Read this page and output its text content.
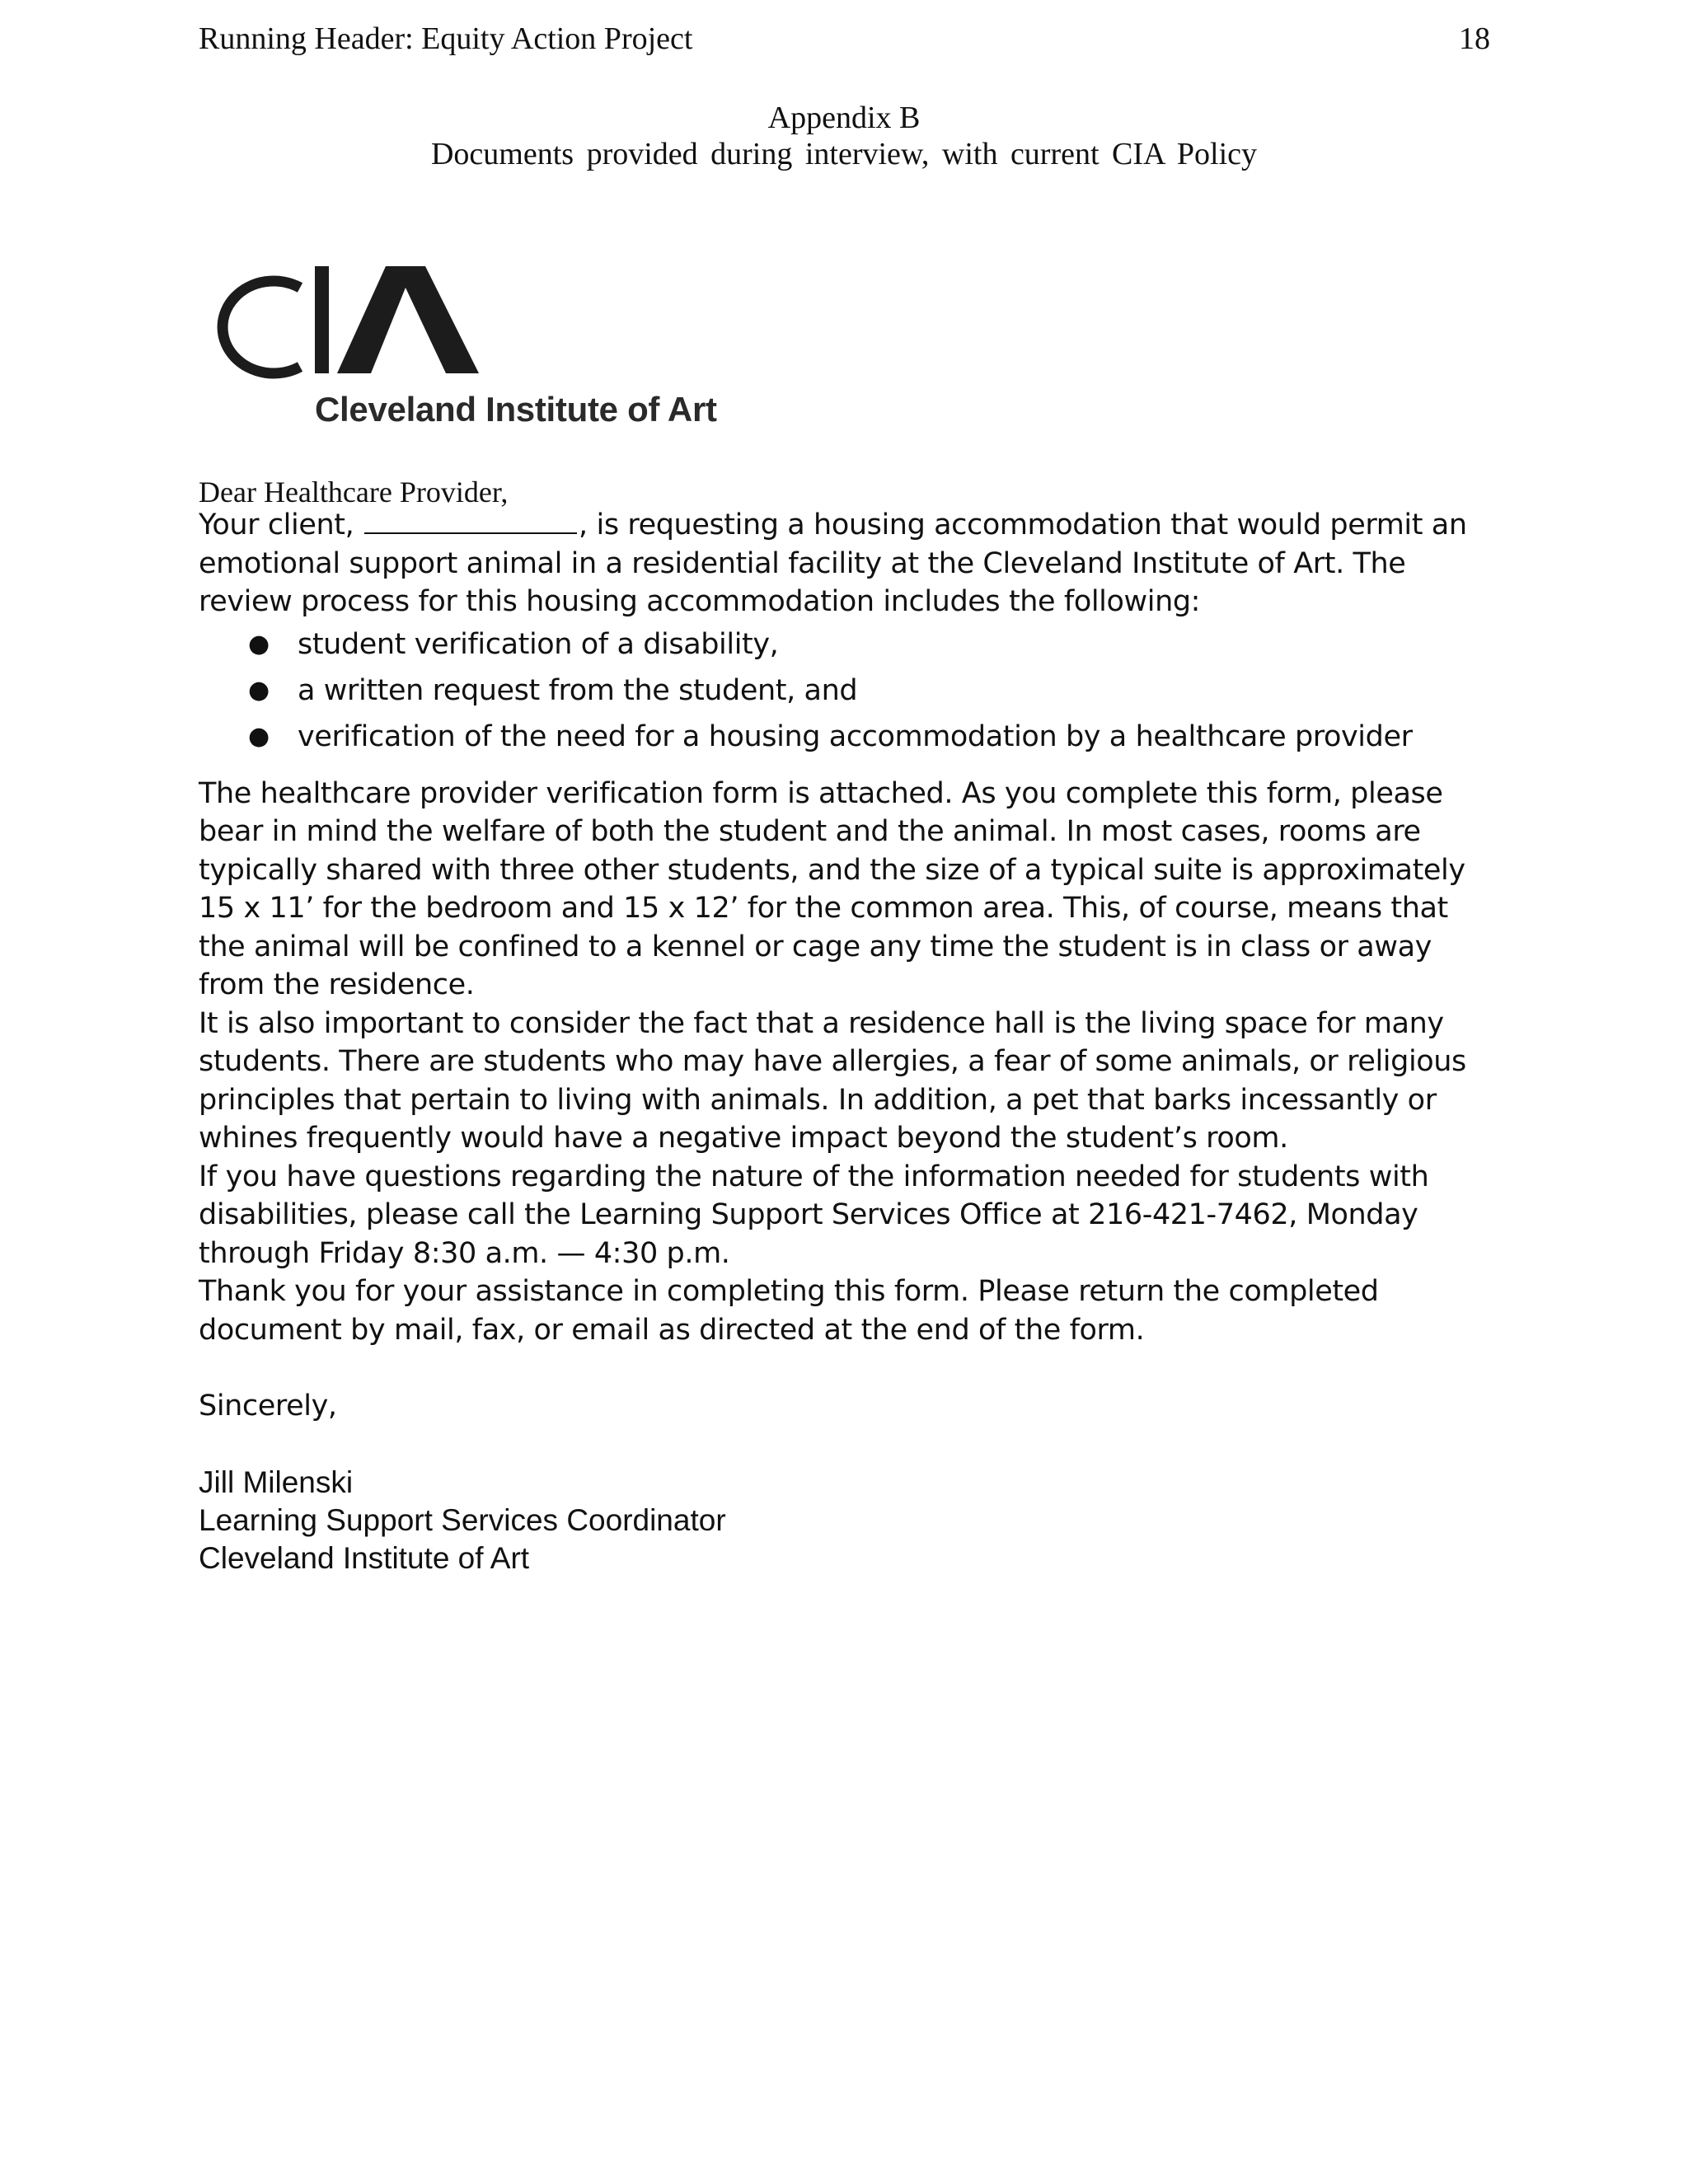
Running Header: Equity Action Project	18
Appendix B
Documents provided during interview, with current CIA Policy
Cleveland Institute of Art
Dear Healthcare Provider,

Your client,	, is requesting a housing accommodation that would permit an emotional support animal in a residential facility at the Cleveland Institute of Art. The review process for this housing accommodation includes the following:

● student verification of a disability,
● a written request from the student, and
● verification of the need for a housing accommodation by a healthcare provider

The healthcare provider verification form is attached. As you complete this form, please bear in mind the welfare of both the student and the animal. In most cases, rooms are typically shared with three other students, and the size of a typical suite is approximately 15 x 11’ for the bedroom and 15 x 12’ for the common area. This, of course, means that the animal will be confined to a kennel or cage any time the student is in class or away from the residence.

It is also important to consider the fact that a residence hall is the living space for many students. There are students who may have allergies, a fear of some animals, or religious principles that pertain to living with animals. In addition, a pet that barks incessantly or whines frequently would have a negative impact beyond the student’s room.

If you have questions regarding the nature of the information needed for students with disabilities, please call the Learning Support Services Office at 216-421-7462, Monday through Friday 8:30 a.m. — 4:30 p.m.

Thank you for your assistance in completing this form. Please return the completed document by mail, fax, or email as directed at the end of the form.

Sincerely,

Jill Milenski
Learning Support Services Coordinator
Cleveland Institute of Art
